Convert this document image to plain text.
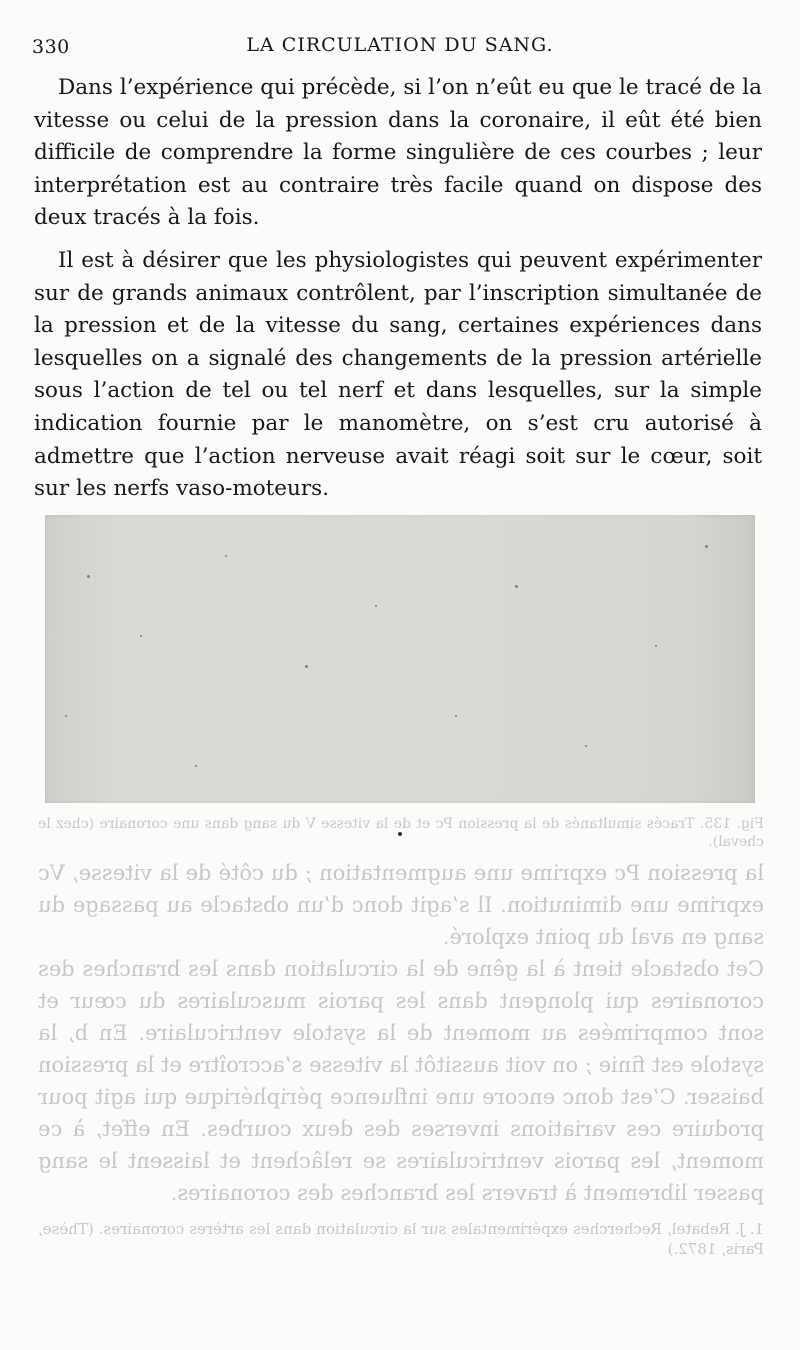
330	LA CIRCULATION DU SANG.

Dans l’expérience qui précède, si l’on n’eût eu que le tracé de la vitesse ou celui de la pression dans la coronaire, il eût été bien difficile de comprendre la forme singulière de ces courbes ; leur interprétation est au contraire très facile quand on dispose des deux tracés à la fois.

Il est à désirer que les physiologistes qui peuvent expérimenter sur de grands animaux contrôlent, par l’inscription simultanée de la pression et de la vitesse du sang, certaines expériences dans lesquelles on a signalé des changements de la pression artérielle sous l’action de tel ou tel nerf et dans lesquelles, sur la simple indication fournie par le manomètre, on s’est cru autorisé à admettre que l’action nerveuse avait réagi soit sur le cœur, soit sur les nerfs vaso-moteurs.

Fig. 135. Tracés simultanés de la pression Pc et de la vitesse V du sang dans une coronaire (chez le cheval).
la pression Pc exprime une augmentation ; du côté de la vitesse, Vc exprime une diminution. Il s’agit donc d’un obstacle au passage du sang en aval du point exploré.
Cet obstacle tient à la gêne de la circulation dans les branches des coronaires qui plongent dans les parois musculaires du cœur et sont comprimées au moment de la systole ventriculaire. En b, la systole est finie ; on voit aussitôt la vitesse s’accroître et la pression baisser. C’est donc encore une influence périphérique qui agit pour produire ces variations inverses des deux courbes. En effet, à ce moment, les parois ventriculaires se relâchent et laissent le sang passer librement à travers les branches des coronaires.
1. J. Rebatel, Recherches expérimentales sur la circulation dans les artères coronaires. (Thèse, Paris, 1872.)
